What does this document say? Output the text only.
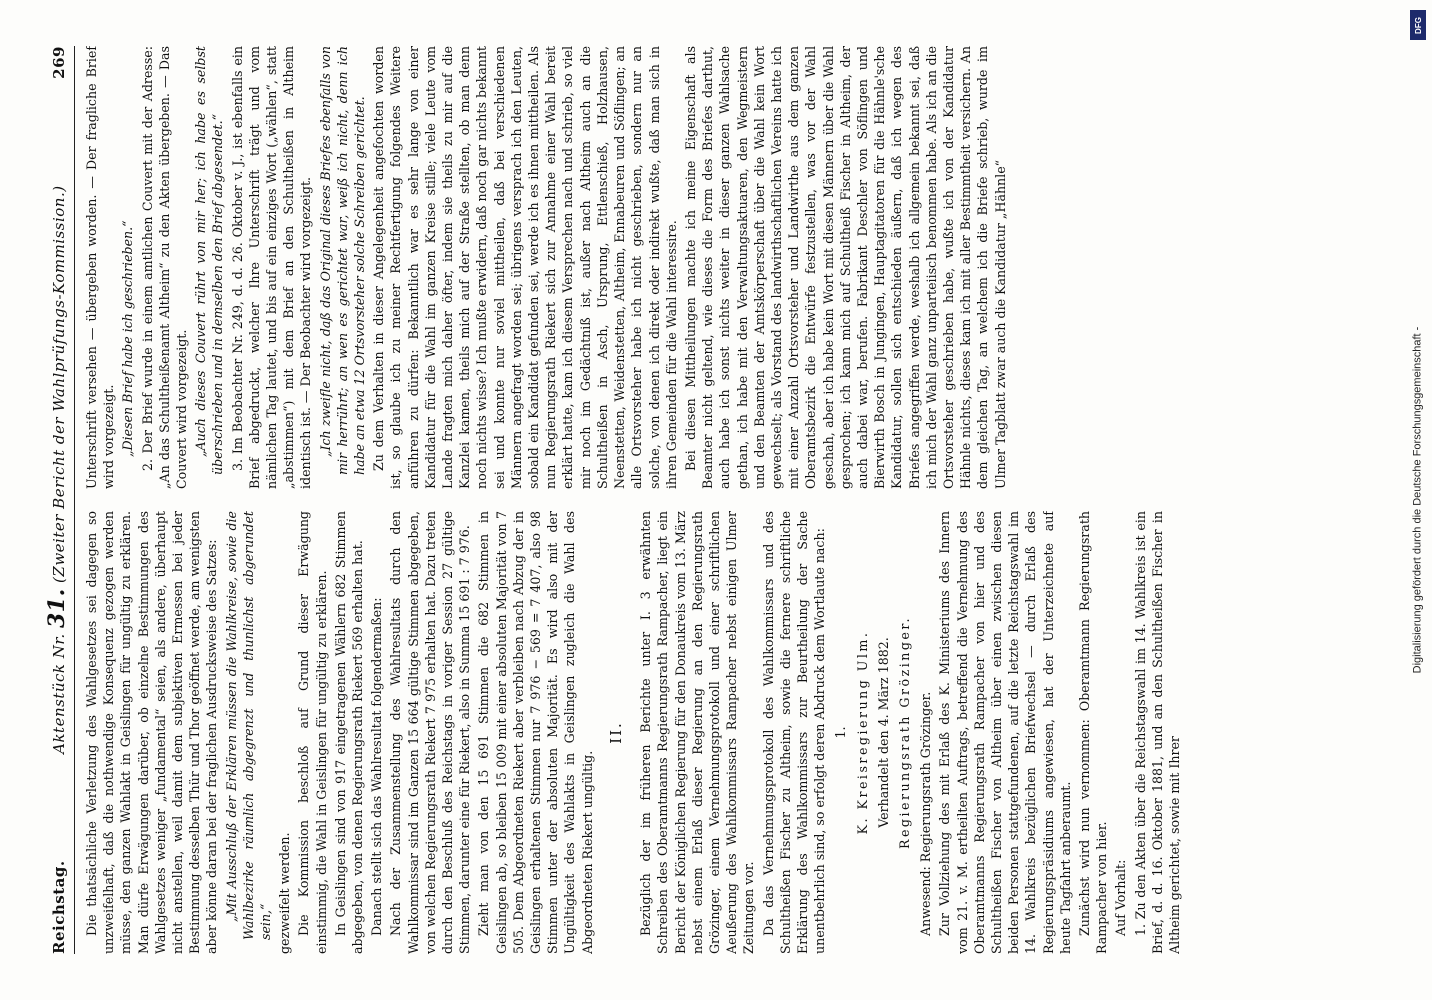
Reichstag.
Aktenstück Nr. 31. (Zweiter Bericht der Wahlprüfungs-Kommission.)
269

Die thatsächliche Verletzung des Wahlgesetzes sei dagegen so unzweifelhaft, daß die nothwendige Konsequenz gezogen werden müsse, den ganzen Wahlakt in Geislingen für ungültig zu erklären. Man dürfe Erwägungen darüber, ob einzelne Bestimmungen des Wahlgesetzes weniger „fundamental“ seien, als andere, überhaupt nicht anstellen, weil damit dem subjektiven Ermessen bei jeder Bestimmung desselben Thür und Thor geöffnet werde, am wenigsten aber könne daran bei der fraglichen Ausdrucksweise des Satzes: „Mit Ausschluß der Erklären müssen die Wahlkreise, sowie die Wahlbezirke räumlich abgegrenzt und thunlichst abgerundet sein,“ gezweifelt werden. Die Kommission beschloß auf Grund dieser Erwägung einstimmig, die Wahl in Geislingen für ungültig zu erklären. In Geislingen sind von 917 eingetragenen Wählern 682 Stimmen abgegeben, von denen Regierungsrath Riekert 569 erhalten hat. Danach stellt sich das Wahlresultat folgendermaßen: Nach der Zusammenstellung des Wahlresultats durch den Wahlkommissar sind im Ganzen 15 664 gültige Stimmen abgegeben, von welchen Regierungsrath Riekert 7 975 erhalten hat. Dazu treten durch den Beschluß des Reichstags in voriger Session 27 gültige Stimmen, darunter eine für Riekert, also in Summa 15 691 : 7 976. Zieht man von den 15 691 Stimmen die 682 Stimmen in Geislingen ab, so bleiben 15 009 mit einer absoluten Majorität von 7 505. Dem Abgeordneten Riekert aber verbleiben nach Abzug der in Geislingen erhaltenen Stimmen nur 7 976 − 569 = 7 407, also 98 Stimmen unter der absoluten Majorität. Es wird also mit der Ungültigkeit des Wahlakts in Geislingen zugleich die Wahl des Abgeordneten Riekert ungültig.

II. Bezüglich der im früheren Berichte unter I. 3 erwähnten Schreiben des Oberamtmanns Regierungsrath Rampacher, liegt ein Bericht der Königlichen Regierung für den Donaukreis vom 13. März nebst einem Erlaß dieser Regierung an den Regierungsrath Grözinger, einem Vernehmungsprotokoll und einer schriftlichen Aeußerung des Wahlkommissars Rampacher nebst einigen Ulmer Zeitungen vor. Da das Vernehmungsprotokoll des Wahlkommissars und des Schultheißen Fischer zu Altheim, sowie die fernere schriftliche Erklärung des Wahlkommissars zur Beurtheilung der Sache unentbehrlich sind, so erfolgt deren Abdruck dem Wortlaute nach: 1. K. Kreisregierung Ulm. Verhandelt den 4. März 1882. Regierungsrath Grözinger. Anwesend: Regierungsrath Grözinger. Zur Vollziehung des mit Erlaß des K. Ministeriums des Innern vom 21. v. M. ertheilten Auftrags, betreffend die Vernehmung des Oberamtmanns Regierungsrath Rampacher von hier und des Schultheißen Fischer von Altheim über einen zwischen diesen beiden Personen stattgefundenen, auf die letzte Reichstagswahl im 14. Wahlkreis bezüglichen Briefwechsel — durch Erlaß des Regierungspräsidiums angewiesen, hat der Unterzeichnete auf heute Tagfahrt anberaumt. Zunächst wird nun vernommen: Oberamtmann Regierungsrath Rampacher von hier. Auf Vorhalt: 1. Zu den Akten über die Reichstagswahl im 14. Wahlkreis ist ein Brief, d. d. 16. Oktober 1881, und an den Schultheißen Fischer in Altheim gerichtet, sowie mit Ihrer

Unterschrift versehen — übergeben worden. — Der fragliche Brief wird vorgezeigt. „Diesen Brief habe ich geschrieben.“ 2. Der Brief wurde in einem amtlichen Couvert mit der Adresse: „An das Schultheißenamt Altheim“ zu den Akten übergeben. — Das Couvert wird vorgezeigt. „Auch dieses Couvert rührt von mir her; ich habe es selbst überschrieben und in demselben den Brief abgesendet.“ 3. Im Beobachter Nr. 249, d. d. 26. Oktober v. J., ist ebenfalls ein Brief abgedruckt, welcher Ihre Unterschrift trägt und vom nämlichen Tag lautet, und bis auf ein einziges Wort („wählen“, statt „abstimmen“) mit dem Brief an den Schultheißen in Altheim identisch ist. — Der Beobachter wird vorgezeigt. „Ich zweifle nicht, daß das Original dieses Briefes ebenfalls von mir herrührt; an wen es gerichtet war, weiß ich nicht, denn ich habe an etwa 12 Ortsvorsteher solche Schreiben gerichtet. Zu dem Verhalten in dieser Angelegenheit angefochten worden ist, so glaube ich zu meiner Rechtfertigung folgendes Weitere anführen zu dürfen: Bekanntlich war es sehr lange von einer Kandidatur für die Wahl im ganzen Kreise stille; viele Leute vom Lande fragten mich daher öfter, indem sie theils zu mir auf die Kanzlei kamen, theils mich auf der Straße stellten, ob man denn noch nichts wisse? Ich mußte erwidern, daß noch gar nichts bekannt sei und konnte nur soviel mittheilen, daß bei verschiedenen Männern angefragt worden sei; übrigens versprach ich den Leuten, sobald ein Kandidat gefunden sei, werde ich es ihnen mittheilen. Als nun Regierungsrath Riekert sich zur Annahme einer Wahl bereit erklärt hatte, kam ich diesem Versprechen nach und schrieb, so viel mir noch im Gedächtniß ist, außer nach Altheim auch an die Schultheißen in Asch, Ursprung, Ettlenschieß, Holzhausen, Neenstetten, Weidenstetten, Altheim, Ennabeuren und Söflingen; an alle Ortsvorsteher habe ich nicht geschrieben, sondern nur an solche, von denen ich direkt oder indirekt wußte, daß man sich in ihren Gemeinden für die Wahl interessire. Bei diesen Mittheilungen machte ich meine Eigenschaft als Beamter nicht geltend, wie dieses die Form des Briefes darthut, auch habe ich sonst nichts weiter in dieser ganzen Wahlsache gethan, ich habe mit den Verwaltungsaktuaren, den Wegmeistern und den Beamten der Amtskörperschaft über die Wahl kein Wort gewechselt; als Vorstand des landwirthschaftlichen Vereins hatte ich mit einer Anzahl Ortsvorsteher und Landwirthe aus dem ganzen Oberamtsbezirk die Entwürfe festzustellen, was vor der Wahl geschah, aber ich habe kein Wort mit diesen Männern über die Wahl gesprochen; ich kann mich auf Schultheiß Fischer in Altheim, der auch dabei war, berufen. Fabrikant Deschler von Söflingen und Bierwirth Bosch in Jungingen, Hauptagitatoren für die Hähnle'sche Kandidatur, sollen sich entschieden äußern, daß ich wegen des Briefes angegriffen werde, weshalb ich allgemein bekannt sei, daß ich mich der Wahl ganz unparteiisch benommen habe. Als ich an die Ortsvorsteher geschrieben habe, wußte ich von der Kandidatur Hähnle nichts, dieses kam ich mit aller Bestimmtheit versichern. An dem gleichen Tag, an welchem ich die Briefe schrieb, wurde im Ulmer Tagblatt zwar auch die Kandidatur „Hähnle“

Digitalisierung gefördert durch die Deutsche Forschungsgemeinschaft -
DFG
